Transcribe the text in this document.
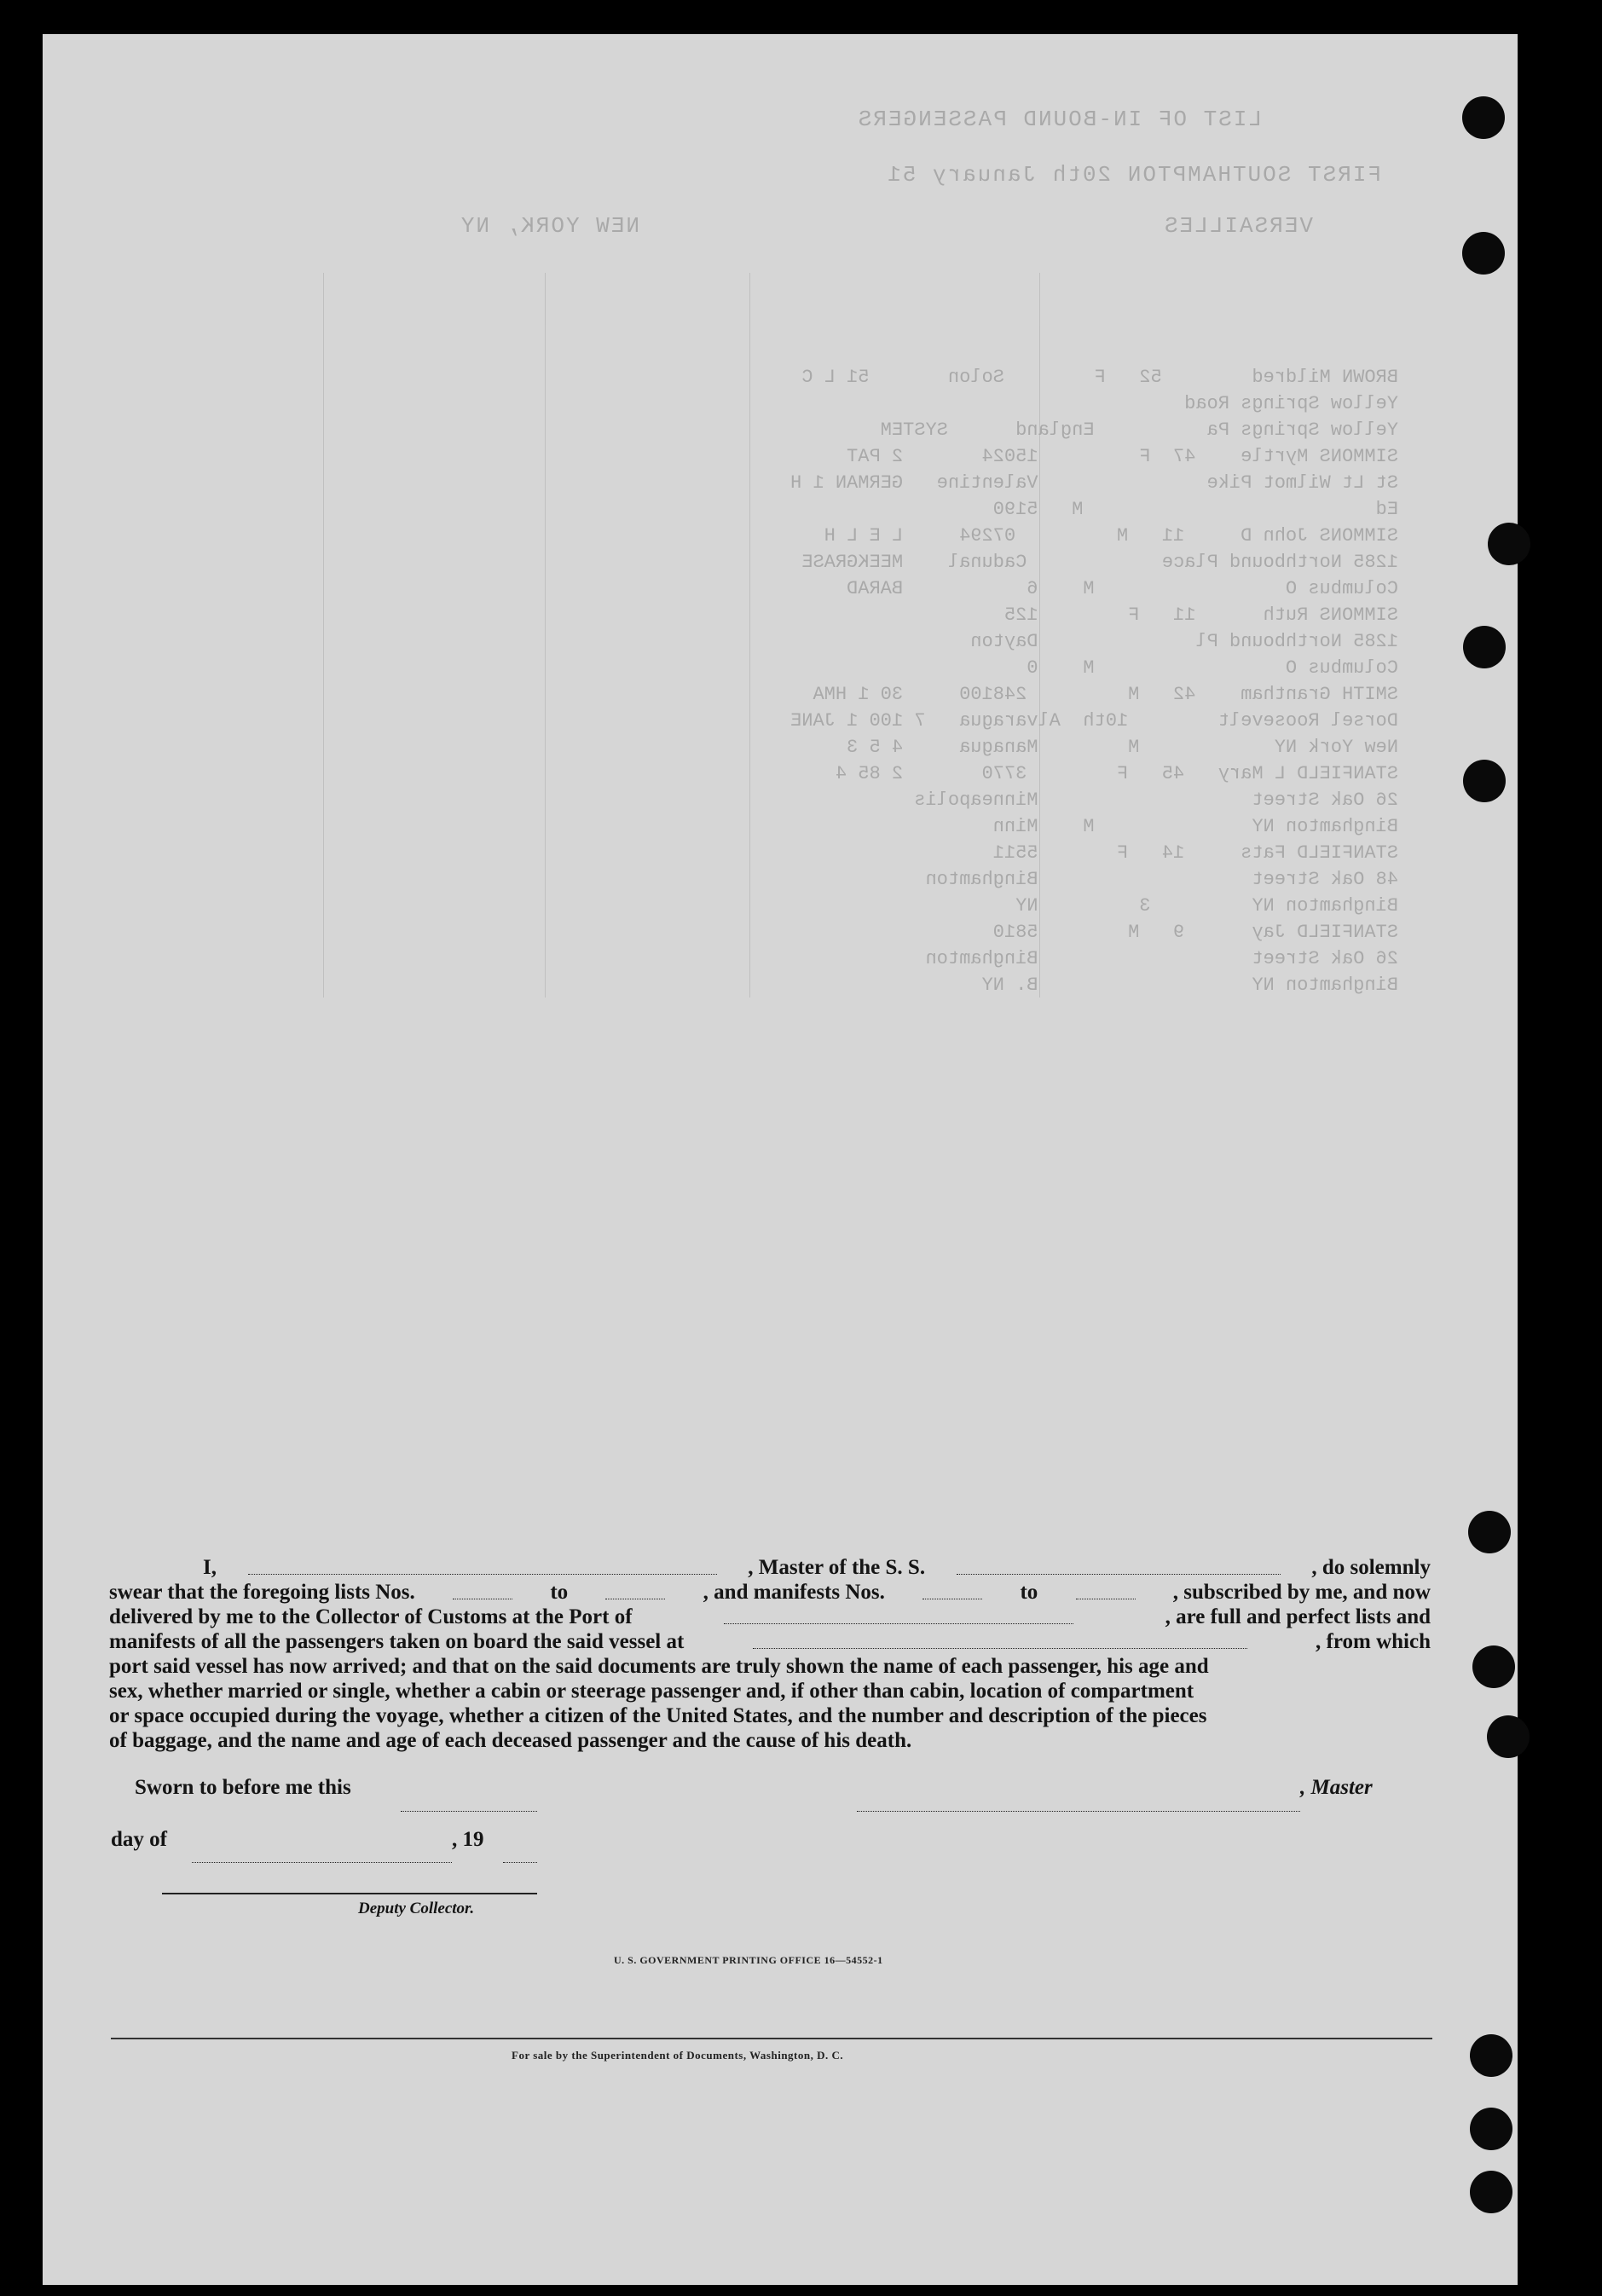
LIST OF IN-BOUND PASSENGERS
FIRST SOUTHAMPTON 20th January 51
NEW YORK, NY	VERSAILLES
BROWN Mildred        52   F        Solon       51 L C
Yellow Springs Road
Yellow Springs Pa          England      SYSTEM
SIMMONS Myrtle    47  F         15024       2 PAT
St Lt Wilmot Pike               Valentine   GERMAN 1 H
Ed                          M   5190
SIMMONS John D     11   M         07294     L E L H
1285 Northbound Place            Cadunal    MEEKGRASE
Columbus O                 M    6           BARAD
SIMMONS Ruth      11   F        125
1285 Northbound Pl              Dayton
Columbus O                 M    0
SMITH Grantham    42   M         248100     30 1 HMA
Dorsel Roosevelt        10th  Alvaragua   7 100 1 JANE
New York NY            M        Managua     4 5 3
STANFIELD L Mary   45   F        3770       2 85 4
26 Oak Street                   Minneapolis
Binghamton NY              M    Minn
STANFIELD Fats     14   F       5511
48 Oak Street                   Binghamton
Binghamton NY         3         NY
STANFIELD Jay      9   M        5810
26 Oak Street                   Binghamton
Binghamton NY                   B. NY
I,	, Master of the S. S.	, do solemnly
swear that the foregoing lists Nos.	to	, and manifests Nos.	to	, subscribed by me, and now
delivered by me to the Collector of Customs at the Port of	, are full and perfect lists and
manifests of all the passengers taken on board the said vessel at	, from which
port said vessel has now arrived; and that on the said documents are truly shown the name of each passenger, his age and
sex, whether married or single, whether a cabin or steerage passenger and, if other than cabin, location of compartment
or space occupied during the voyage, whether a citizen of the United States, and the number and description of the pieces
of baggage, and the name and age of each deceased passenger and the cause of his death.
Sworn to before me this	, Master
day of	, 19
Deputy Collector.
U. S. GOVERNMENT PRINTING OFFICE 16—54552-1
For sale by the Superintendent of Documents, Washington, D. C.
